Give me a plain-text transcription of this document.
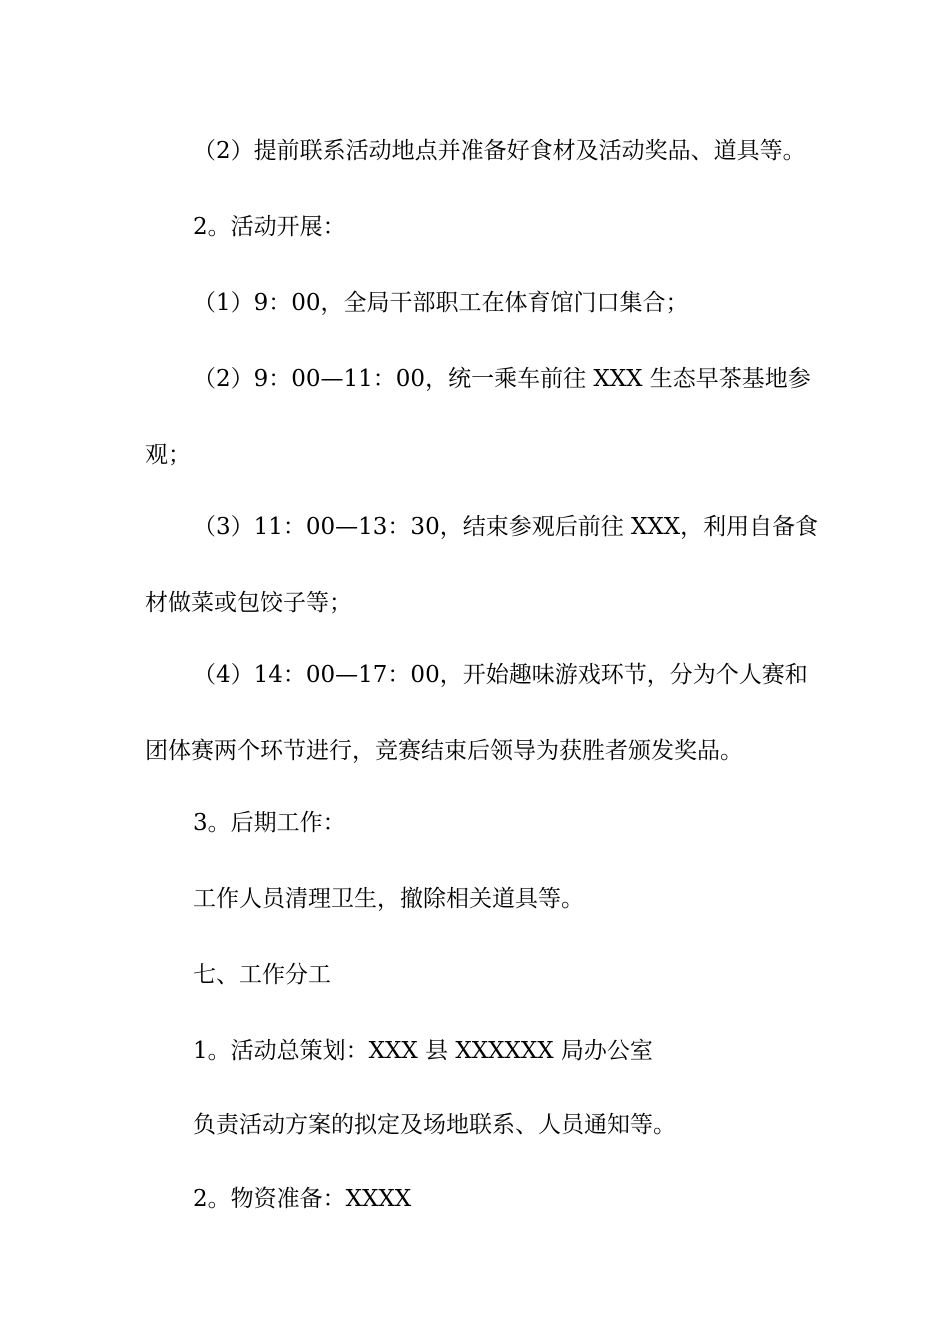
（2）提前联系活动地点并准备好食材及活动奖品、道具等。
2。活动开展：
（1）9：00，全局干部职工在体育馆门口集合；
（2）9：00—11：00，统一乘车前往 XXX 生态早茶基地参
观；
（3）11：00—13：30，结束参观后前往 XXX，利用自备食
材做菜或包饺子等；
（4）14：00—17：00，开始趣味游戏环节，分为个人赛和
团体赛两个环节进行，竞赛结束后领导为获胜者颁发奖品。
3。后期工作：
工作人员清理卫生，撤除相关道具等。
七、工作分工
1。活动总策划：XXX 县 XXXXXX 局办公室
负责活动方案的拟定及场地联系、人员通知等。
2。物资准备：XXXX
